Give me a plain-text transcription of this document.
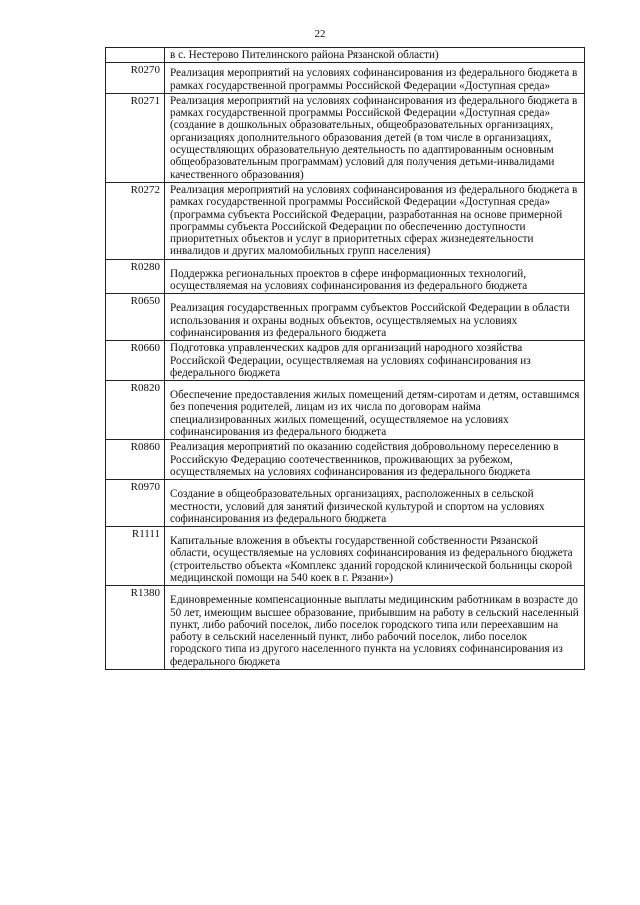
22
	в с. Нестерово Пителинского района Рязанской области)
R0270	Реализация мероприятий на условиях софинансирования из федерального бюджета в рамках государственной программы Российской Федерации «Доступная среда»
R0271	Реализация мероприятий на условиях софинансирования из федерального бюджета в рамках государственной программы Российской Федерации «Доступная среда» (создание в дошкольных образовательных, общеобразовательных организациях, организациях дополнительного образования детей (в том числе в организациях, осуществляющих образовательную деятельность по адаптированным основным общеобразовательным программам) условий для получения детьми-инвалидами качественного образования)
R0272	Реализация мероприятий на условиях софинансирования из федерального бюджета в рамках государственной программы Российской Федерации «Доступная среда» (программа субъекта Российской Федерации, разработанная на основе примерной программы субъекта Российской Федерации по обеспечению доступности приоритетных объектов и услуг в приоритетных сферах жизнедеятельности инвалидов и других маломобильных групп населения)
R0280	Поддержка региональных проектов в сфере информационных технологий, осуществляемая на условиях софинансирования из федерального бюджета
R0650	Реализация государственных программ субъектов Российской Федерации в области использования и охраны водных объектов, осуществляемых на условиях софинансирования из федерального бюджета
R0660	Подготовка управленческих кадров для организаций народного хозяйства Российской Федерации, осуществляемая на условиях софинансирования из федерального бюджета
R0820	Обеспечение предоставления жилых помещений детям-сиротам и детям, оставшимся без попечения родителей, лицам из их числа по договорам найма специализированных жилых помещений, осуществляемое на условиях софинансирования из федерального бюджета
R0860	Реализация мероприятий по оказанию содействия добровольному переселению в Российскую Федерацию соотечественников, проживающих за рубежом, осуществляемых на условиях софинансирования из федерального бюджета
R0970	Создание в общеобразовательных организациях, расположенных в сельской местности, условий для занятий физической культурой и спортом на условиях софинансирования из федерального бюджета
R1111	Капитальные вложения в объекты государственной собственности Рязанской области, осуществляемые на условиях софинансирования из федерального бюджета (строительство объекта «Комплекс зданий городской клинической больницы скорой медицинской помощи на 540 коек в г. Рязани»)
R1380	Единовременные компенсационные выплаты медицинским работникам в возрасте до 50 лет, имеющим высшее образование, прибывшим на работу в сельский населенный пункт, либо рабочий поселок, либо поселок городского типа или переехавшим на работу в сельский населенный пункт, либо рабочий поселок, либо поселок городского типа из другого населенного пункта на условиях софинансирования из федерального бюджета
